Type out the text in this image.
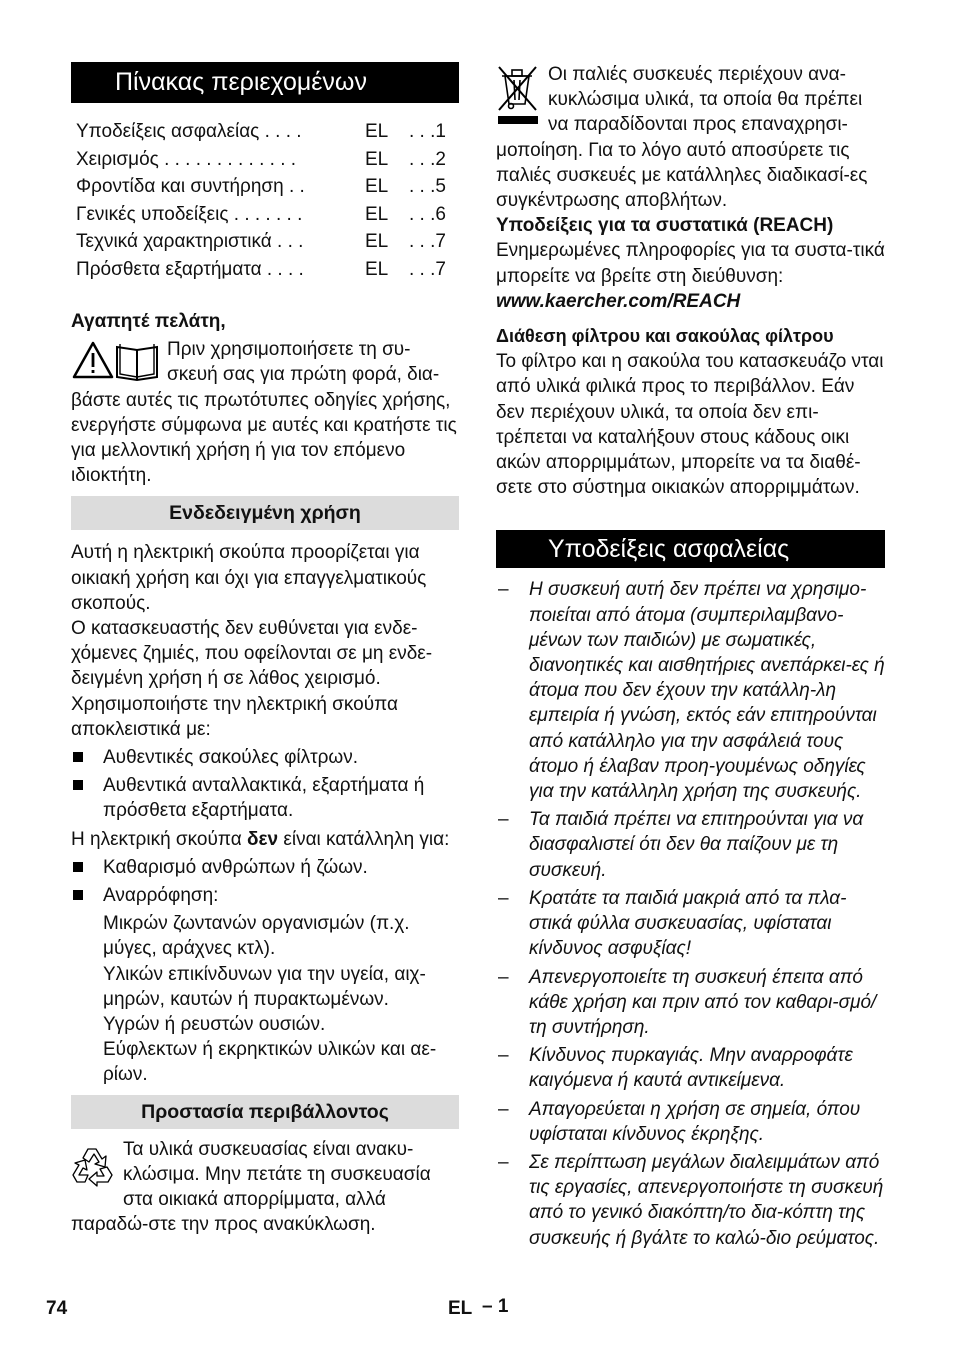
Πίνακας περιεχομένων
Υποδείξεις ασφαλείας . . . .	EL . . .1
Χειρισμός . . . . . . . . . . . . .	EL . . .2
Φροντίδα και συντήρηση . .	EL . . .5
Γενικές υποδείξεις . . . . . . .	EL . . .6
Τεχνικά χαρακτηριστικά . . .	EL . . .7
Πρόσθετα εξαρτήματα . . . .	EL . . .7

Αγαπητέ πελάτη,

Πριν χρησιμοποιήσετε τη συ-

σκευή σας για πρώτη φορά, δια-

βάστε αυτές τις πρωτότυπες οδηγίες χρήσης, ενεργήστε σύμφωνα με αυτές και κρατήστε τις για μελλοντική χρήση ή για τον επόμενο ιδιοκτήτη.

Ενδεδειγμένη χρήση

Αυτή η ηλεκτρική σκούπα προορίζεται για οικιακή χρήση και όχι για επαγγελματικούς σκοπούς.

Ο κατασκευαστής δεν ευθύνεται για ενδε-χόμενες ζημιές, που οφείλονται σε μη ενδε-δειγμένη χρήση ή σε λάθος χειρισμό.

Χρησιμοποιήστε την ηλεκτρική σκούπα αποκλειστικά με:

Αυθεντικές σακούλες φίλτρων.
Αυθεντικά ανταλλακτικά, εξαρτήματα ή πρόσθετα εξαρτήματα.

Η ηλεκτρική σκούπα δεν είναι κατάλληλη για:

Καθαρισμό ανθρώπων ή ζώων.
Αναρρόφηση:

Μικρών ζωντανών οργανισμών (π.χ. μύγες, αράχνες κτλ).

Υλικών επικίνδυνων για την υγεία, αιχ-μηρών, καυτών ή πυρακτωμένων.

Υγρών ή ρευστών ουσιών.

Εύφλεκτων ή εκρηκτικών υλικών και αε-ρίων.

Προστασία περιβάλλοντος

Τα υλικά συσκευασίας είναι ανακυ-κλώσιμα. Μην πετάτε τη συσκευασία στα οικιακά απορρίμματα, αλλά παραδώ-στε την προς ανακύκλωση.

Οι παλιές συσκευές περιέχουν ανα-κυκλώσιμα υλικά, τα οποία θα πρέπει να παραδίδονται προς επαναχρησι-μοποίηση. Για το λόγο αυτό απoσύρετε τις παλιές συσκευές με κατάλληλες διαδικασί-ες συγκέντρωσης αποβλήτων.

Υποδείξεις για τα συστατικά (REACH)

Ενημερωμένες πληροφορίες για τα συστα-τικά μπορείτε να βρείτε στη διεύθυνση:

www.kaercher.com/REACH

Διάθεση φίλτρου και σακούλας φίλτρου

Το φίλτρο και η σακούλα του κατασκευάζο νται από υλικά φιλικά προς το περιβάλλον. Εάν δεν περιέχουν υλικά, τα οποία δεν επι-τρέπεται να καταλήξουν στους κάδους οικι ακών απορριμμάτων, μπορείτε να τα διαθέ-σετε στο σύστημα οικιακών απορριμμάτων.

Υποδείξεις ασφαλείας
– Η συσκευή αυτή δεν πρέπει να χρησιμο-ποιείται από άτομα (συμπεριλαμβανο-μένων των παιδιών) με σωματικές, διανοητικές και αισθητήριες ανεπάρκει-ες ή άτομα που δεν έχουν την κατάλλη-λη εμπειρία ή γνώση, εκτός εάν επιτηρούνται από κατάλληλο για την ασφάλειά τους άτομο ή έλαβαν προη-γουμένως οδηγίες για την κατάλληλη χρήση της συσκευής.
– Τα παιδιά πρέπει να επιτηρούνται για να διασφαλιστεί ότι δεν θα παίζουν με τη συσκευή.
– Κρατάτε τα παιδιά μακριά από τα πλα-στικά φύλλα συσκευασίας, υφίσταται κίνδυνος ασφυξίας!
– Απενεργοποιείτε τη συσκευή έπειτα από κάθε χρήση και πριν από τον καθαρι-σμό/τη συντήρηση.
– Κίνδυνος πυρκαγιάς. Μην αναρροφάτε καιγόμενα ή καυτά αντικείμενα.
– Απαγορεύεται η χρήση σε σημεία, όπου υφίσταται κίνδυνος έκρηξης.
– Σε περίπτωση μεγάλων διαλειμμάτων από τις εργασίες, απενεργοποιήστε τη συσκευή από το γενικό διακόπτη/το δια-κόπτη της συσκευής ή βγάλτε το καλώ-διο ρεύματος.
74	EL – 1
